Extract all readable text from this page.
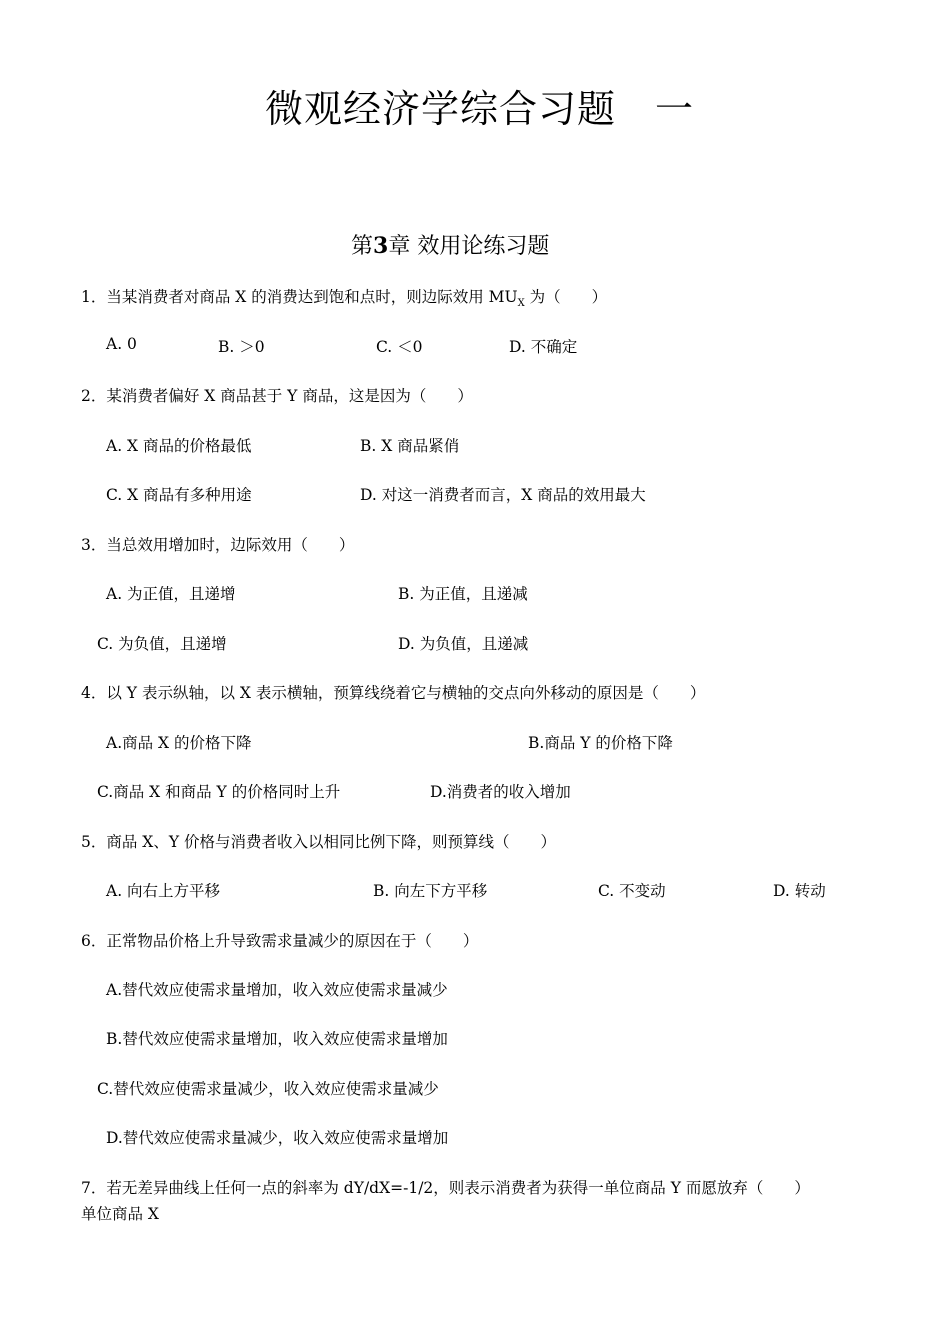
微观经济学综合习题　一
第3章 效用论练习题
1．当某消费者对商品 X 的消费达到饱和点时，则边际效用 $MU_X$ 为（　　）
A. 0	B. ＞0	C. ＜0	D. 不确定
2．某消费者偏好 X 商品甚于 Y 商品，这是因为（　　）
A. X 商品的价格最低	B. X 商品紧俏
C. X 商品有多种用途	D. 对这一消费者而言，X 商品的效用最大
3．当总效用增加时，边际效用（　　）
A. 为正值，且递增	B. 为正值，且递减
C. 为负值，且递增	D. 为负值，且递减
4．以 Y 表示纵轴，以 X 表示横轴，预算线绕着它与横轴的交点向外移动的原因是（　　）
A.商品 X 的价格下降	B.商品 Y 的价格下降
C.商品 X 和商品 Y 的价格同时上升	D.消费者的收入增加
5．商品 X、Y 价格与消费者收入以相同比例下降，则预算线（　　）
A. 向右上方平移	B. 向左下方平移	C. 不变动	D. 转动
6．正常物品价格上升导致需求量减少的原因在于（　　）
A.替代效应使需求量增加，收入效应使需求量减少
B.替代效应使需求量增加，收入效应使需求量增加
C.替代效应使需求量减少，收入效应使需求量减少
D.替代效应使需求量减少，收入效应使需求量增加
7．若无差异曲线上任何一点的斜率为 dY/dX=-1/2，则表示消费者为获得一单位商品 Y 而愿放弃（　　）
单位商品 X
